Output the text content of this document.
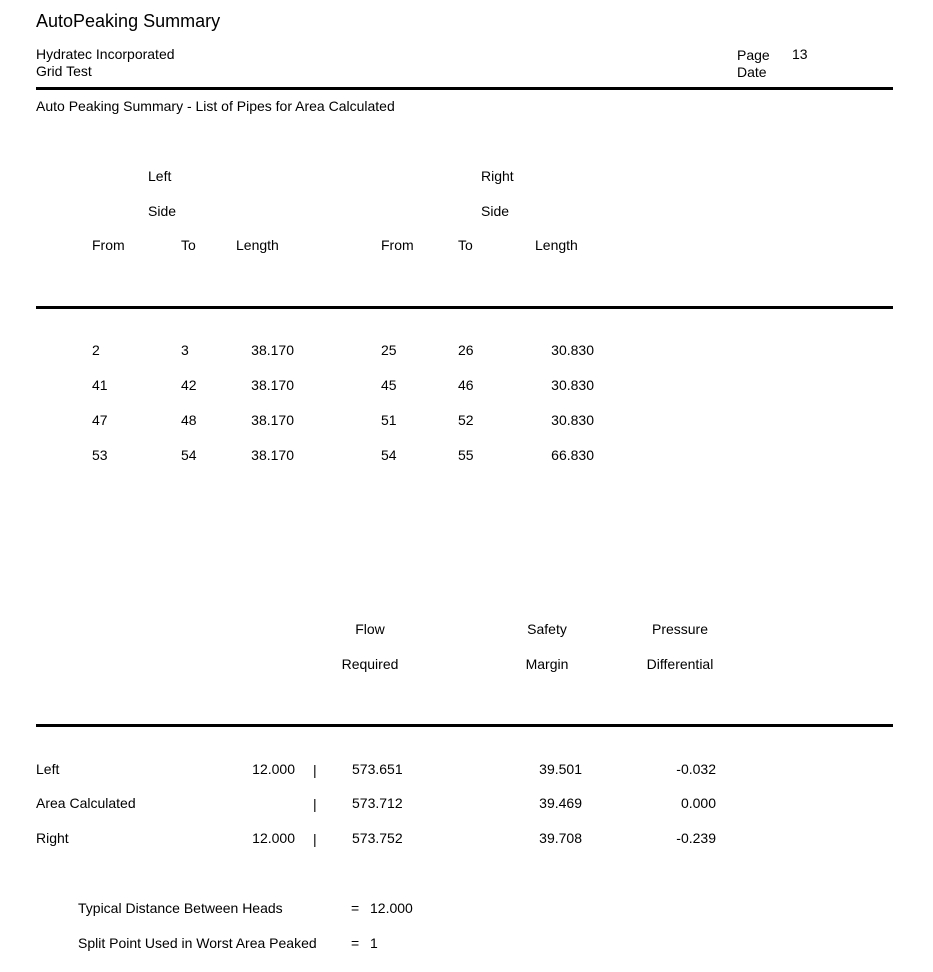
AutoPeaking Summary
Hydratec Incorporated
Grid Test
Page 13
Date
Auto Peaking Summary - List of Pipes for Area Calculated
Left
Side
Right
Side
From	To	Length	From	To	Length
2	3	38.170	25	26	30.830
41	42	38.170	45	46	30.830
47	48	38.170	51	52	30.830
53	54	38.170	54	55	66.830
Flow
Required
Safety
Margin
Pressure
Differential
Left	12.000 |	573.651	39.501	-0.032
Area Calculated	|	573.712	39.469	0.000
Right	12.000 |	573.752	39.708	-0.239
Typical Distance Between Heads	= 12.000
Split Point Used in Worst Area Peaked = 1
